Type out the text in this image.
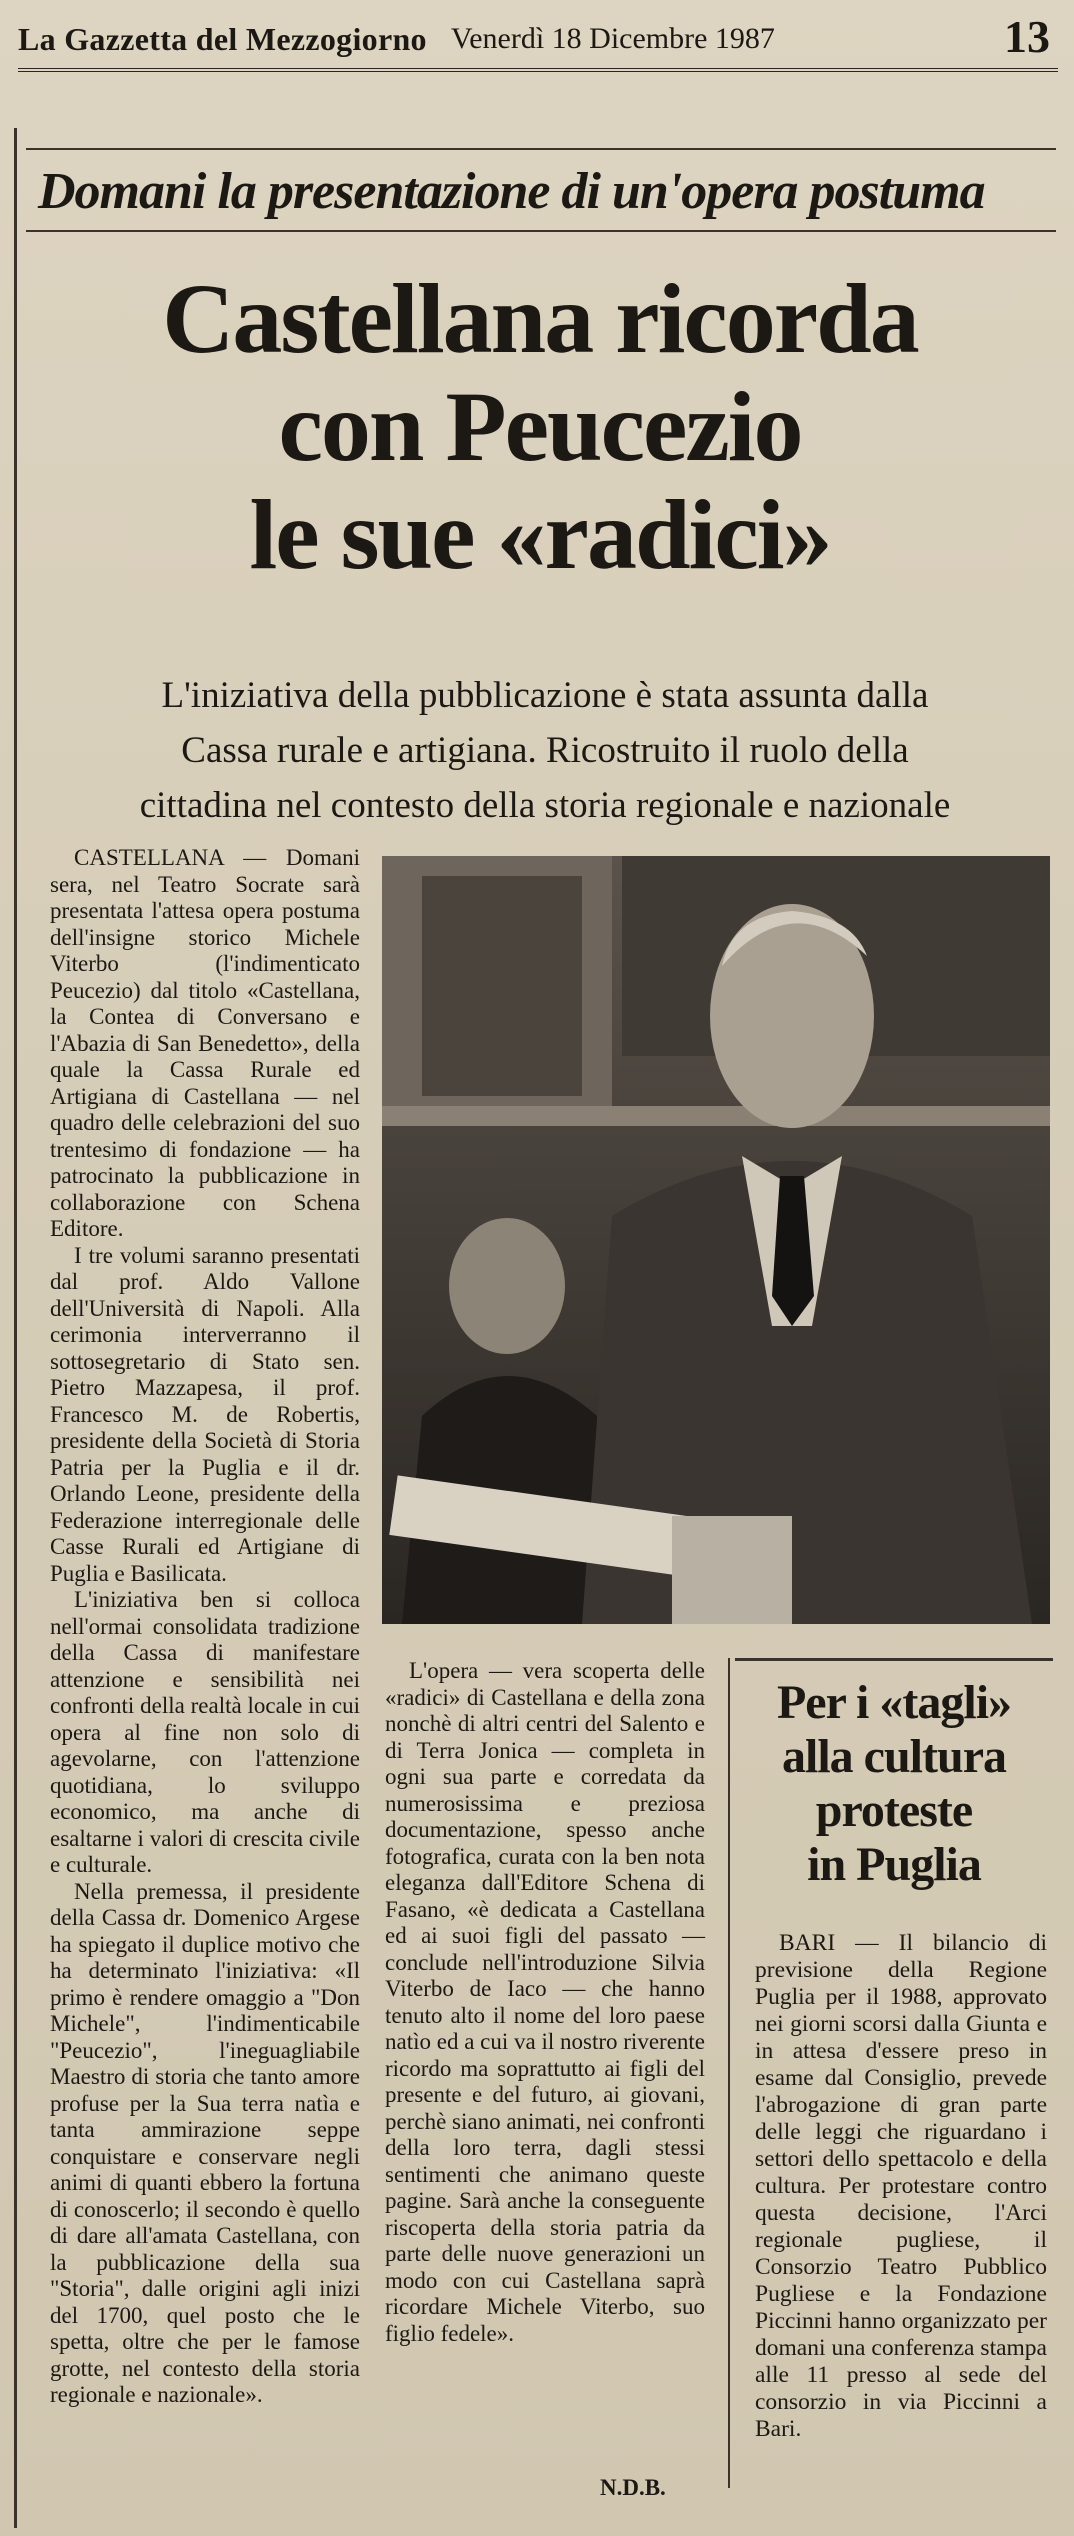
La Gazzetta del Mezzogiorno Venerdì 18 Dicembre 1987	13
Domani la presentazione di un'opera postuma
Castellana ricorda
con Peucezio
le sue «radici»
L'iniziativa della pubblicazione è stata assunta dalla
Cassa rurale e artigiana. Ricostruito il ruolo della
cittadina nel contesto della storia regionale e nazionale

CASTELLANA — Domani sera, nel Teatro Socrate sarà presentata l'attesa opera postuma dell'insigne storico Michele Viterbo (l'indimenticato Peucezio) dal titolo «Castellana, la Contea di Conversano e l'Abazia di San Benedetto», della quale la Cassa Rurale ed Artigiana di Castellana — nel quadro delle celebrazioni del suo trentesimo di fondazione — ha patrocinato la pubblicazione in collaborazione con Schena Editore.

I tre volumi saranno presentati dal prof. Aldo Vallone dell'Università di Napoli. Alla cerimonia interverranno il sottosegretario di Stato sen. Pietro Mazzapesa, il prof. Francesco M. de Robertis, presidente della Società di Storia Patria per la Puglia e il dr. Orlando Leone, presidente della Federazione interregionale delle Casse Rurali ed Artigiane di Puglia e Basilicata.

L'iniziativa ben si colloca nell'ormai consolidata tradizione della Cassa di manifestare attenzione e sensibilità nei confronti della realtà locale in cui opera al fine non solo di agevolarne, con l'attenzione quotidiana, lo sviluppo economico, ma anche di esaltarne i valori di crescita civile e culturale.

Nella premessa, il presidente della Cassa dr. Domenico Argese ha spiegato il duplice motivo che ha determinato l'iniziativa: «Il primo è rendere omaggio a "Don Michele", l'indimenticabile "Peucezio", l'ineguagliabile Maestro di storia che tanto amore profuse per la Sua terra natìa e tanta ammirazione seppe conquistare e conservare negli animi di quanti ebbero la fortuna di conoscerlo; il secondo è quello di dare all'amata Castellana, con la pubblicazione della sua "Storia", dalle origini agli inizi del 1700, quel posto che le spetta, oltre che per le famose grotte, nel contesto della storia regionale e nazionale».

L'opera — vera scoperta delle «radici» di Castellana e della zona nonchè di altri centri del Salento e di Terra Jonica — completa in ogni sua parte e corredata da numerosissima e preziosa documentazione, spesso anche fotografica, curata con la ben nota eleganza dall'Editore Schena di Fasano, «è dedicata a Castellana ed ai suoi figli del passato — conclude nell'introduzione Silvia Viterbo de Iaco — che hanno tenuto alto il nome del loro paese natìo ed a cui va il nostro riverente ricordo ma soprattutto ai figli del presente e del futuro, ai giovani, perchè siano animati, nei confronti della loro terra, dagli stessi sentimenti che animano queste pagine. Sarà anche la conseguente riscoperta della storia patria da parte delle nuove generazioni un modo con cui Castellana saprà ricordare Michele Viterbo, suo figlio fedele».

N.D.B.
Per i «tagli»
alla cultura
proteste
in Puglia

BARI — Il bilancio di previsione della Regione Puglia per il 1988, approvato nei giorni scorsi dalla Giunta e in attesa d'essere preso in esame dal Consiglio, prevede l'abrogazione di gran parte delle leggi che riguardano i settori dello spettacolo e della cultura. Per protestare contro questa decisione, l'Arci regionale pugliese, il Consorzio Teatro Pubblico Pugliese e la Fondazione Piccinni hanno organizzato per domani una conferenza stampa alle 11 presso al sede del consorzio in via Piccinni a Bari.
